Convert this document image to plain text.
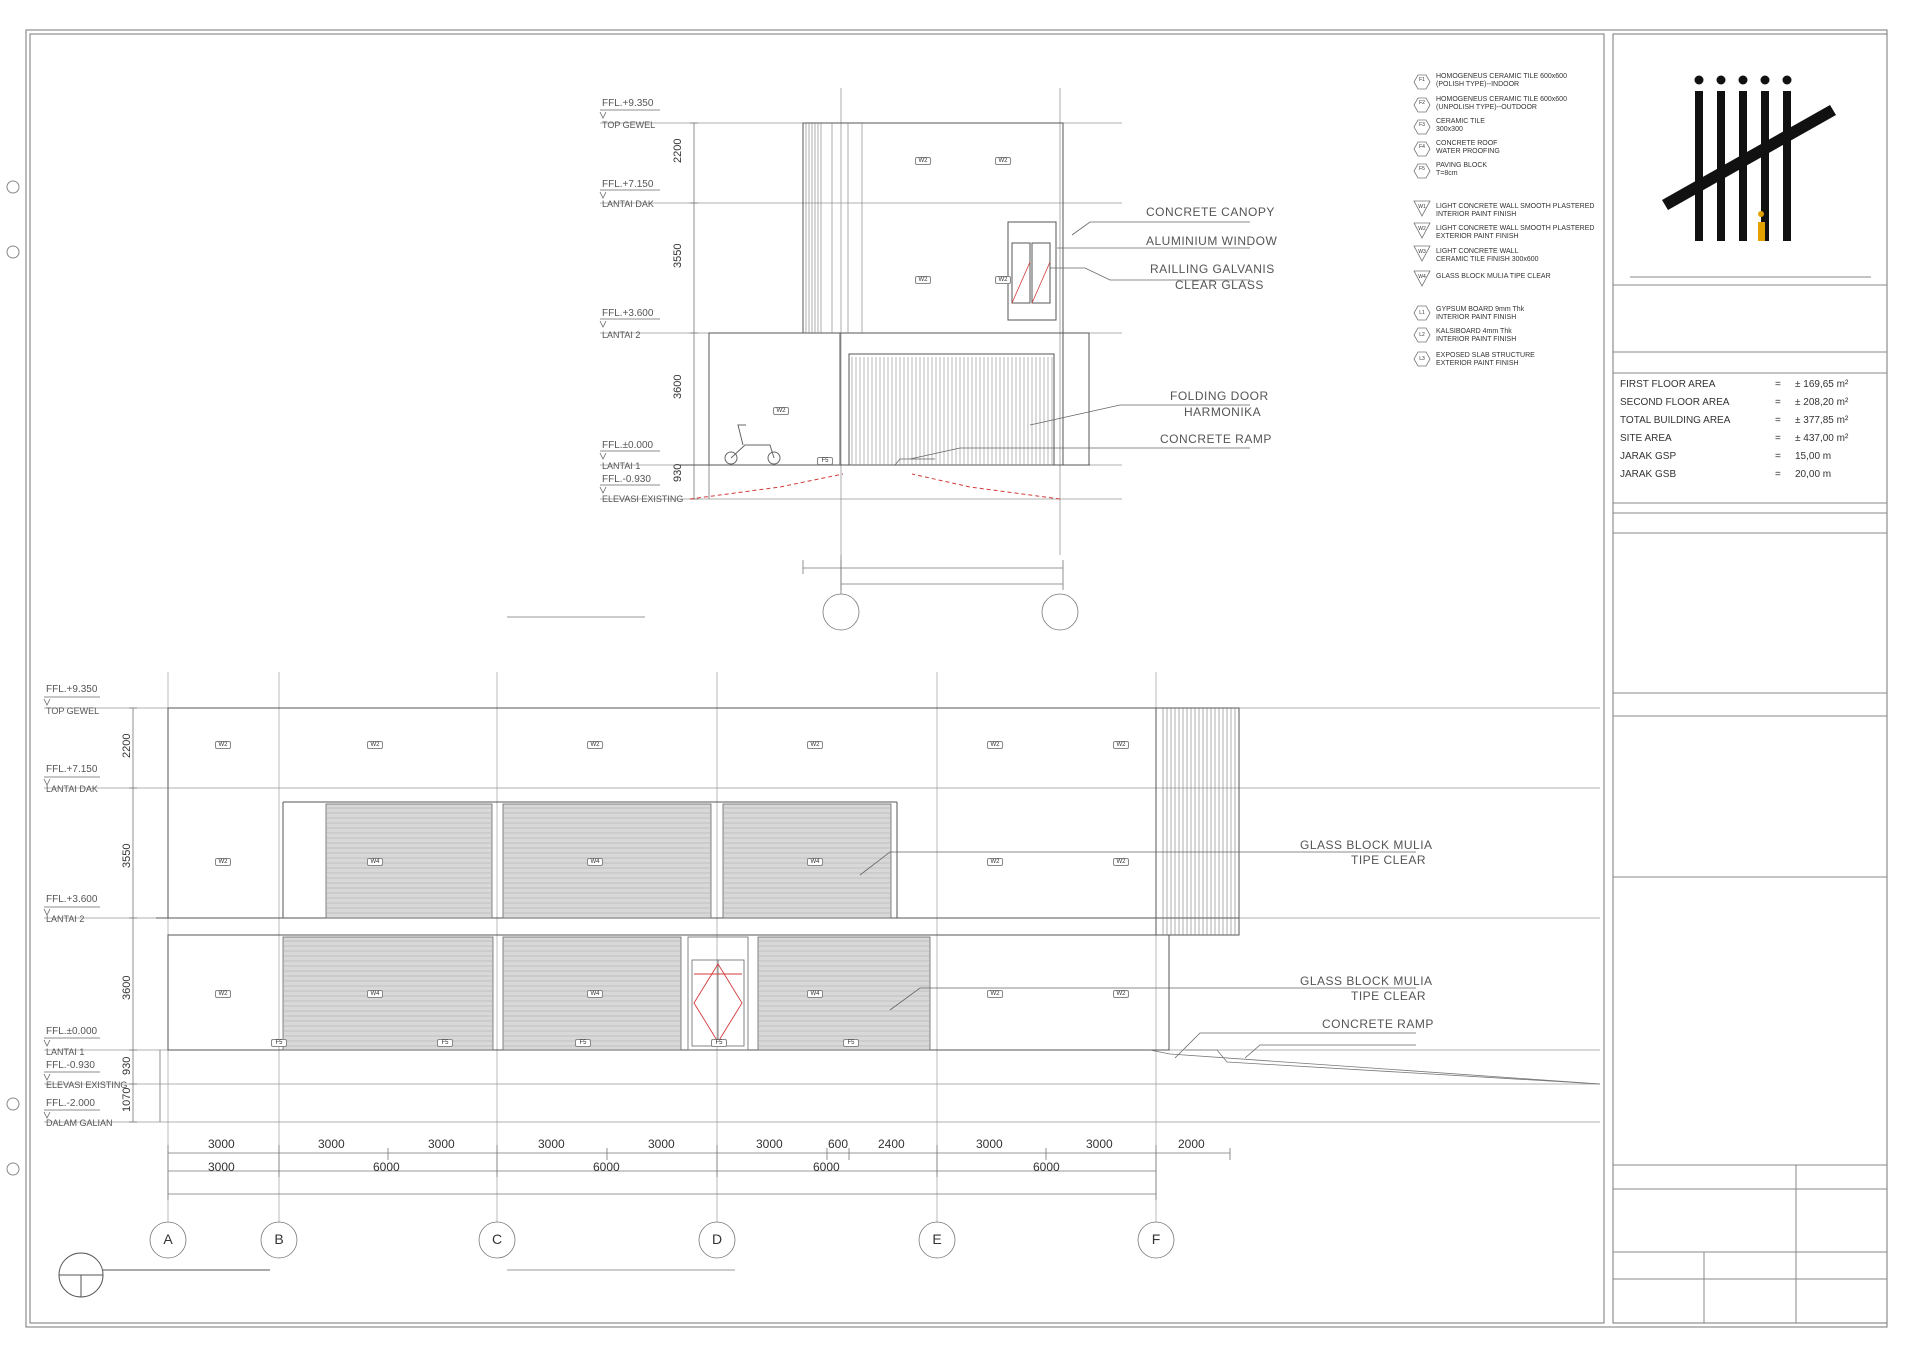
HOMOGENEUS CERAMIC TILE 600x600
(POLISH TYPE)--INDOOR
F1
HOMOGENEUS CERAMIC TILE 600x600
(UNPOLISH TYPE)--OUTDOOR
F2
CERAMIC TILE
300x300
F3
CONCRETE ROOF
WATER PROOFING
F4
PAVING BLOCK
T=8cm
F5
LIGHT CONCRETE WALL SMOOTH PLASTERED
INTERIOR PAINT FINISH
W1
LIGHT CONCRETE WALL SMOOTH PLASTERED
EXTERIOR PAINT FINISH
W2
LIGHT CONCRETE WALL
CERAMIC TILE FINISH 300x600
W3
GLASS BLOCK MULIA TIPE CLEAR
W4
GYPSUM BOARD 9mm Thk
INTERIOR PAINT FINISH
L1
KALSIBOARD 4mm Thk
INTERIOR PAINT FINISH
L2
EXPOSED SLAB STRUCTURE
EXTERIOR PAINT FINISH
L3
FFL.+9.350
TOP GEWEL
FFL.+7.150
LANTAI DAK
FFL.+3.600
LANTAI 2
FFL.±0.000
LANTAI 1
FFL.-0.930
ELEVASI EXISTING
2200
3550
3600
930
CONCRETE CANOPY
ALUMINIUM WINDOW
RAILLING GALVANIS
CLEAR GLASS
FOLDING DOOR
HARMONIKA
CONCRETE RAMP
W2	W2
W2	W2
W2
F5
FFL.+9.350
TOP GEWEL
FFL.+7.150
LANTAI DAK
FFL.+3.600
LANTAI 2
FFL.±0.000
LANTAI 1
FFL.-0.930
ELEVASI EXISTING
FFL.-2.000
DALAM GALIAN
2200
3550
3600
930
1070
GLASS BLOCK MULIA
TIPE CLEAR
GLASS BLOCK MULIA
TIPE CLEAR
CONCRETE RAMP
3000	3000	3000	3000	3000	3000	600 2400	3000	3000	2000
3000	6000	6000	6000	6000
A	B	C	D	E	F
W2	W2	W2	W2	W2	W2
W2	W4	W4	W4	W2	W2
W2	W4	W4	W4	W2	W2
F5	F5	F5	F5	F5
FIRST FLOOR AREA	= ± 169,65 m²
SECOND FLOOR AREA	= ± 208,20 m²
TOTAL BUILDING AREA	= ± 377,85 m²
SITE AREA	= ± 437,00 m²
JARAK GSP	= 15,00 m
JARAK GSB	= 20,00 m
